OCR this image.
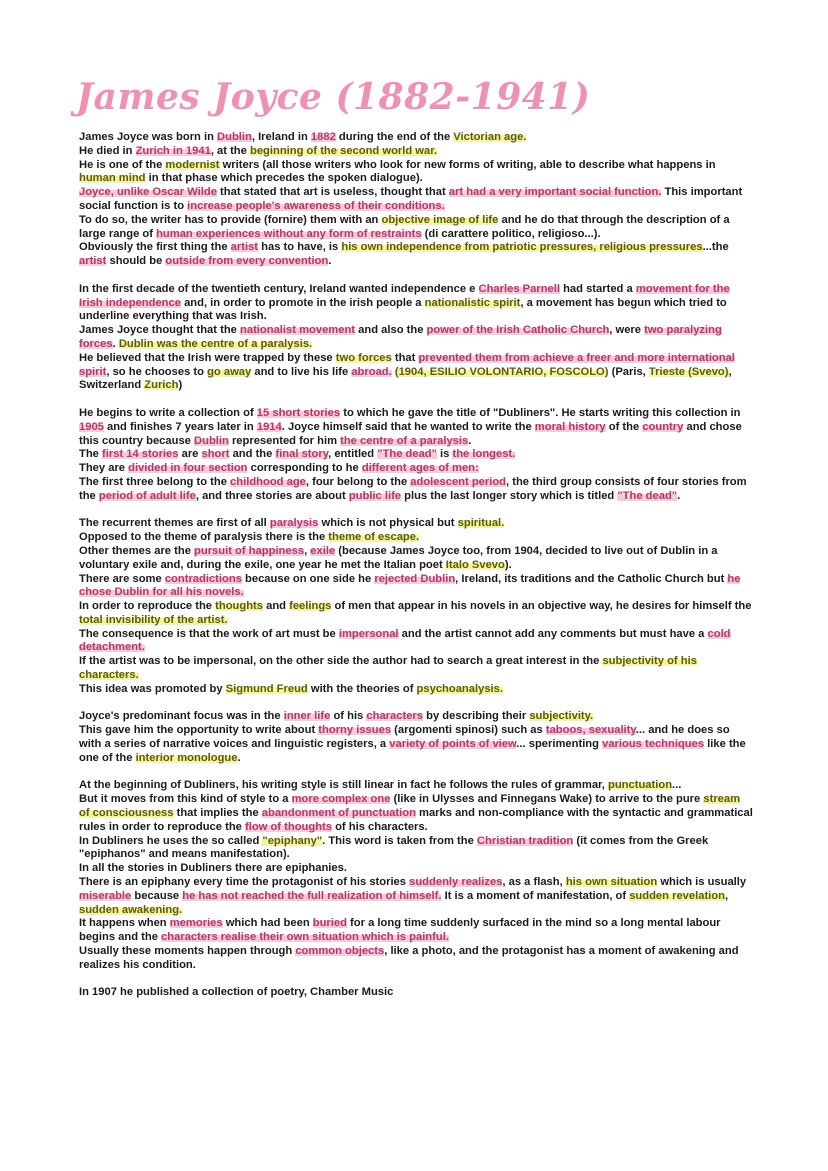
James Joyce (1882-1941)
James Joyce was born in Dublin, Ireland in 1882 during the end of the Victorian age.
He died in Zurich in 1941, at the beginning of the second world war.
He is one of the modernist writers (all those writers who look for new forms of writing, able to describe what happens in human mind in that phase which precedes the spoken dialogue).
Joyce, unlike Oscar Wilde that stated that art is useless, thought that art had a very important social function. This important social function is to increase people's awareness of their conditions.
To do so, the writer has to provide (fornire) them with an objective image of life and he do that through the description of a large range of human experiences without any form of restraints (di carattere politico, religioso...).
Obviously the first thing the artist has to have, is his own independence from patriotic pressures, religious pressures...the artist should be outside from every convention.
In the first decade of the twentieth century, Ireland wanted independence e Charles Parnell had started a movement for the Irish independence and, in order to promote in the irish people a nationalistic spirit, a movement has begun which tried to underline everything that was Irish.
James Joyce thought that the nationalist movement and also the power of the Irish Catholic Church, were two paralyzing forces. Dublin was the centre of a paralysis.
He believed that the Irish were trapped by these two forces that prevented them from achieve a freer and more international spirit, so he chooses to go away and to live his life abroad. (1904, ESILIO VOLONTARIO, FOSCOLO) (Paris, Trieste (Svevo), Switzerland Zurich)
He begins to write a collection of 15 short stories to which he gave the title of "Dubliners". He starts writing this collection in 1905 and finishes 7 years later in 1914. Joyce himself said that he wanted to write the moral history of the country and chose this country because Dublin represented for him the centre of a paralysis.
The first 14 stories are short and the final story, entitled "The dead" is the longest.
They are divided in four section corresponding to he different ages of men:
The first three belong to the childhood age, four belong to the adolescent period, the third group consists of four stories from the period of adult life, and three stories are about public life plus the last longer story which is titled "The dead".
The recurrent themes are first of all paralysis which is not physical but spiritual.
Opposed to the theme of paralysis there is the theme of escape.
Other themes are the pursuit of happiness, exile (because James Joyce too, from 1904, decided to live out of Dublin in a voluntary exile and, during the exile, one year he met the Italian poet Italo Svevo).
There are some contradictions because on one side he rejected Dublin, Ireland, its traditions and the Catholic Church but he chose Dublin for all his novels.
In order to reproduce the thoughts and feelings of men that appear in his novels in an objective way, he desires for himself the total invisibility of the artist.
The consequence is that the work of art must be impersonal and the artist cannot add any comments but must have a cold detachment.
If the artist was to be impersonal, on the other side the author had to search a great interest in the subjectivity of his characters.
This idea was promoted by Sigmund Freud with the theories of psychoanalysis.
Joyce's predominant focus was in the inner life of his characters by describing their subjectivity.
This gave him the opportunity to write about thorny issues (argomenti spinosi) such as taboos, sexuality... and he does so with a series of narrative voices and linguistic registers, a variety of points of view... sperimenting various techniques like the one of the interior monologue.
At the beginning of Dubliners, his writing style is still linear in fact he follows the rules of grammar, punctuation...
But it moves from this kind of style to a more complex one (like in Ulysses and Finnegans Wake) to arrive to the pure stream of consciousness that implies the abandonment of punctuation marks and non-compliance with the syntactic and grammatical rules in order to reproduce the flow of thoughts of his characters.
In Dubliners he uses the so called "epiphany". This word is taken from the Christian tradition (it comes from the Greek "epiphanos" and means manifestation).
In all the stories in Dubliners there are epiphanies.
There is an epiphany every time the protagonist of his stories suddenly realizes, as a flash, his own situation which is usually miserable because he has not reached the full realization of himself. It is a moment of manifestation, of sudden revelation, sudden awakening.
It happens when memories which had been buried for a long time suddenly surfaced in the mind so a long mental labour begins and the characters realise their own situation which is painful.
Usually these moments happen through common objects, like a photo, and the protagonist has a moment of awakening and realizes his condition.
In 1907 he published a collection of poetry, Chamber Music
